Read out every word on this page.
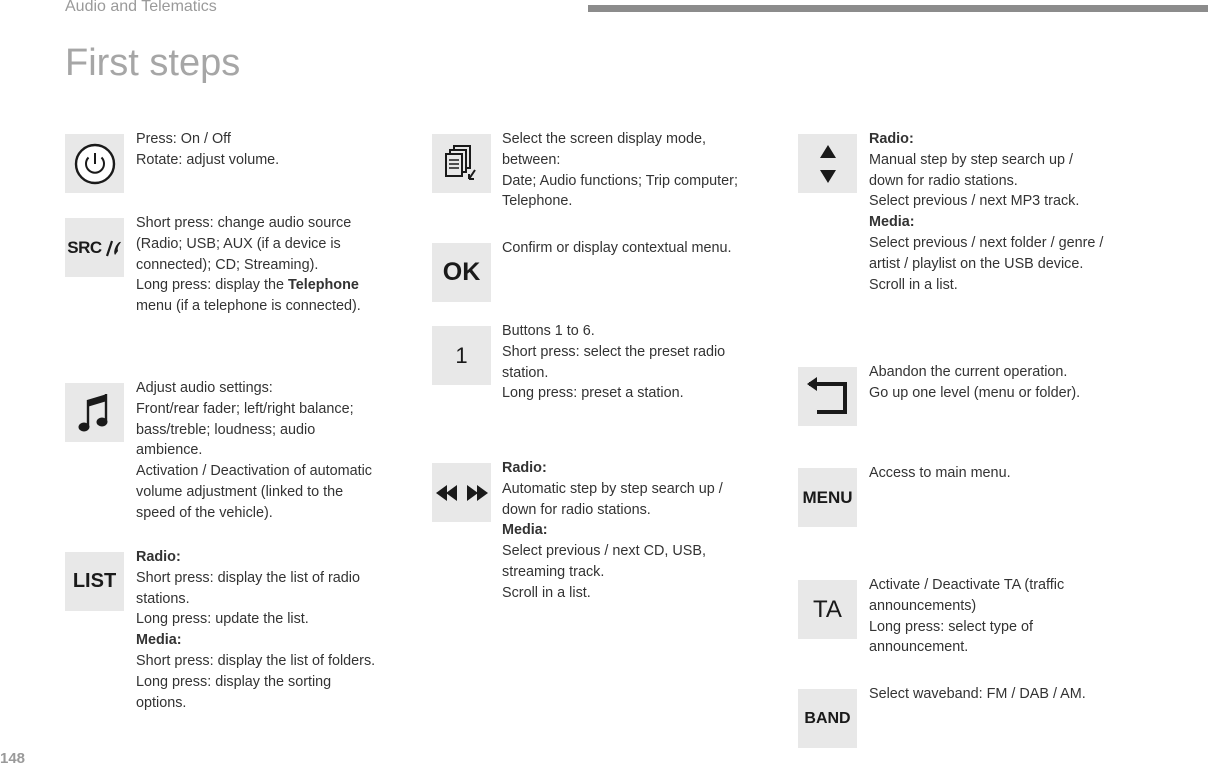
Audio and Telematics
First steps
148
Press: On / Off
Rotate: adjust volume.
SRC
Short press: change audio source
(Radio; USB; AUX (if a device is
connected); CD; Streaming).
Long press: display the Telephone
menu (if a telephone is connected).
Adjust audio settings:
Front/rear fader; left/right balance;
bass/treble; loudness; audio
ambience.
Activation / Deactivation of automatic
volume adjustment (linked to the
speed of the vehicle).
LIST
Radio:
Short press: display the list of radio
stations.
Long press: update the list.
Media:
Short press: display the list of folders.
Long press: display the sorting
options.
Select the screen display mode,
between:
Date; Audio functions; Trip computer;
Telephone.
OK
Confirm or display contextual menu.
1
Buttons 1 to 6.
Short press: select the preset radio
station.
Long press: preset a station.
Radio:
Automatic step by step search up /
down for radio stations.
Media:
Select previous / next CD, USB,
streaming track.
Scroll in a list.
Radio:
Manual step by step search up /
down for radio stations.
Select previous / next MP3 track.
Media:
Select previous / next folder / genre /
artist / playlist on the USB device.
Scroll in a list.
Abandon the current operation.
Go up one level (menu or folder).
MENU
Access to main menu.
TA
Activate / Deactivate TA (traffic
announcements)
Long press: select type of
announcement.
BAND
Select waveband: FM / DAB / AM.
